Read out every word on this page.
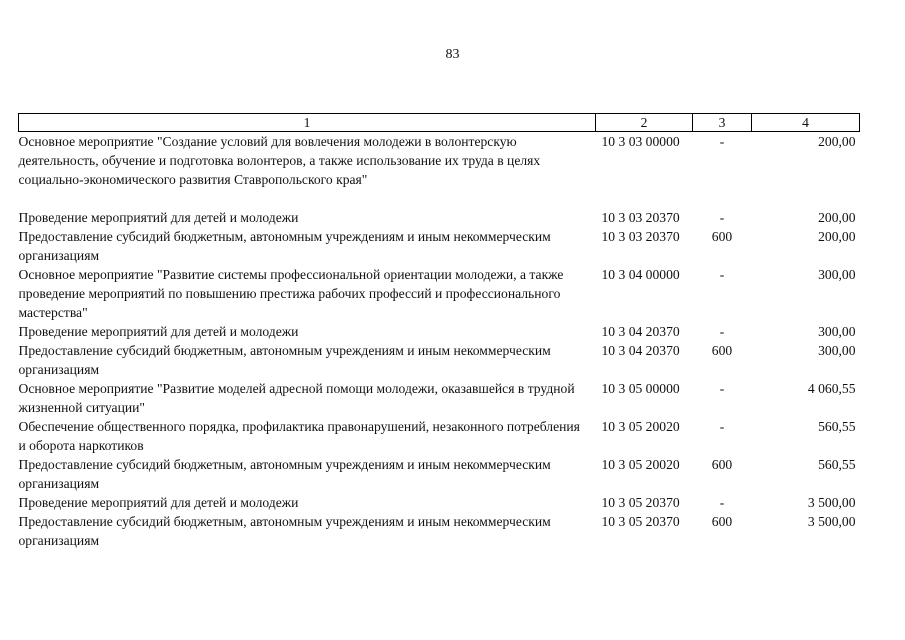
83
1	2	3	4
Основное мероприятие "Создание условий для вовлечения молодежи в волонтерскую деятельность, обучение и подготовка волонтеров, а также использование их труда в целях социально-экономического развития Ставропольского края"	10 3 03 00000	-	200,00

Проведение мероприятий для детей и молодежи	10 3 03 20370	-	200,00
Предоставление субсидий бюджетным, автономным учреждениям и иным некоммерческим организациям	10 3 03 20370	600	200,00
Основное мероприятие "Развитие системы профессиональной ориентации молодежи, а также проведение мероприятий по повышению престижа рабочих профессий и профессионального мастерства"	10 3 04 00000	-	300,00
Проведение мероприятий для детей и молодежи	10 3 04 20370	-	300,00
Предоставление субсидий бюджетным, автономным учреждениям и иным некоммерческим организациям	10 3 04 20370	600	300,00
Основное мероприятие "Развитие моделей адресной помощи молодежи, оказавшейся в трудной жизненной ситуации"	10 3 05 00000	-	4 060,55
Обеспечение общественного порядка, профилактика правонарушений, незаконного потребления и оборота наркотиков	10 3 05 20020	-	560,55
Предоставление субсидий бюджетным, автономным учреждениям и иным некоммерческим организациям	10 3 05 20020	600	560,55
Проведение мероприятий для детей и молодежи	10 3 05 20370	-	3 500,00
Предоставление субсидий бюджетным, автономным учреждениям и иным некоммерческим организациям	10 3 05 20370	600	3 500,00
